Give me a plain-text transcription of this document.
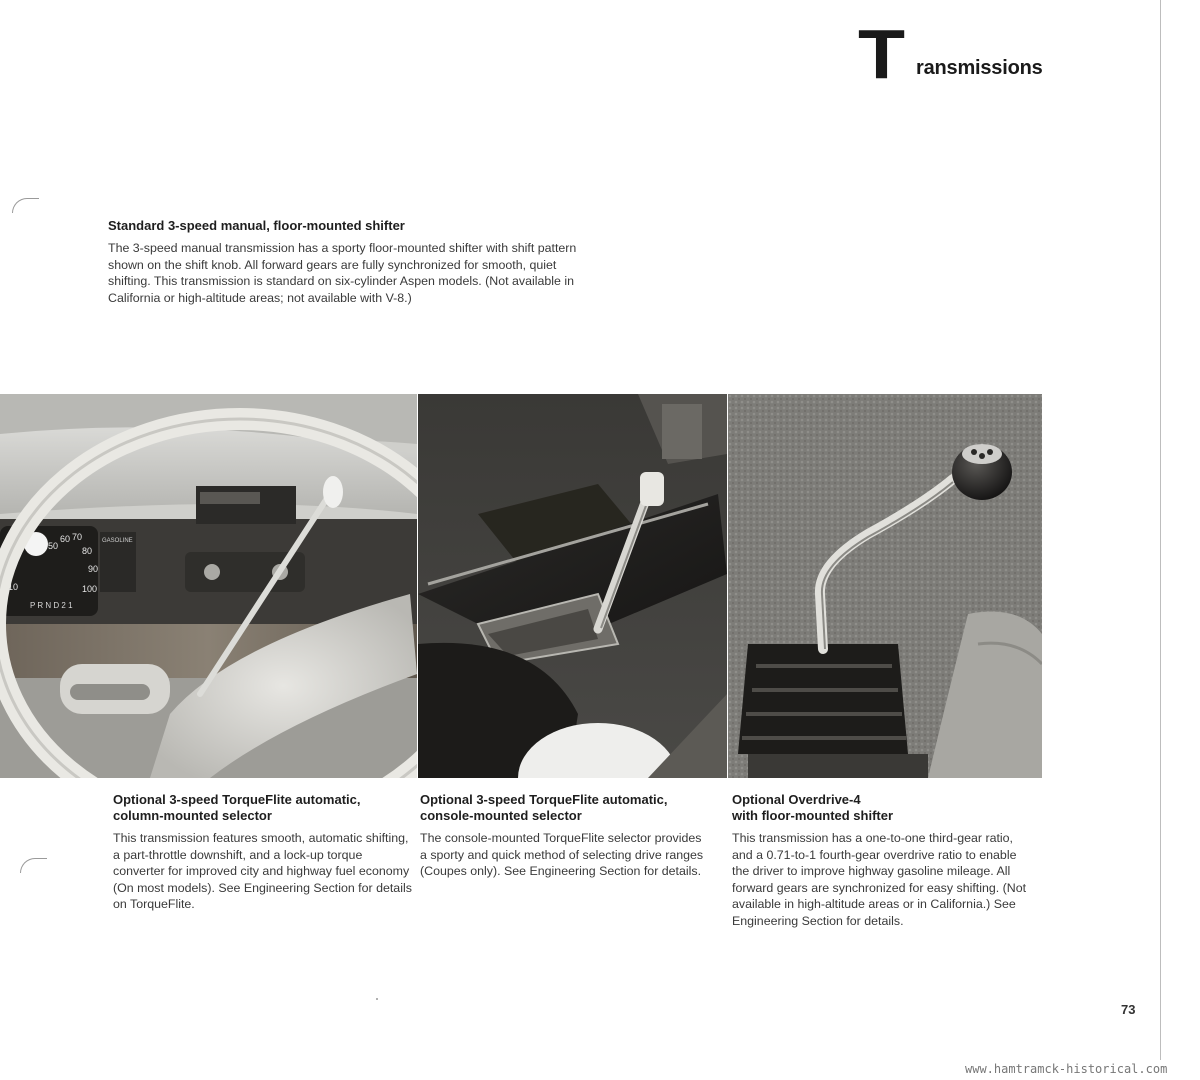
T ransmissions
Standard 3-speed manual, floor-mounted shifter

The 3-speed manual transmission has a sporty floor-mounted shifter with shift pattern shown on the shift knob. All forward gears are fully synchronized for smooth, quiet shifting. This transmission is standard on six-cylinder Aspen models. (Not available in California or high-altitude areas; not available with V-8.)

30
50
60 70
80
90
100
10
P R N D 2 1
GASOLINE
Optional 3-speed TorqueFlite automatic,
column-mounted selector

This transmission features smooth, automatic shifting, a part-throttle downshift, and a lock-up torque converter for improved city and highway fuel economy (On most models). See Engineering Section for details on TorqueFlite.

Optional 3-speed TorqueFlite automatic,
console-mounted selector

The console-mounted TorqueFlite selector provides a sporty and quick method of selecting drive ranges (Coupes only). See Engineering Section for details.

Optional Overdrive-4
with floor-mounted shifter

This transmission has a one-to-one third-gear ratio, and a 0.71-to-1 fourth-gear overdrive ratio to enable the driver to improve highway gasoline mileage. All forward gears are synchronized for easy shifting. (Not available in high-altitude areas or in California.) See Engineering Section for details.

73
www.hamtramck-historical.com
